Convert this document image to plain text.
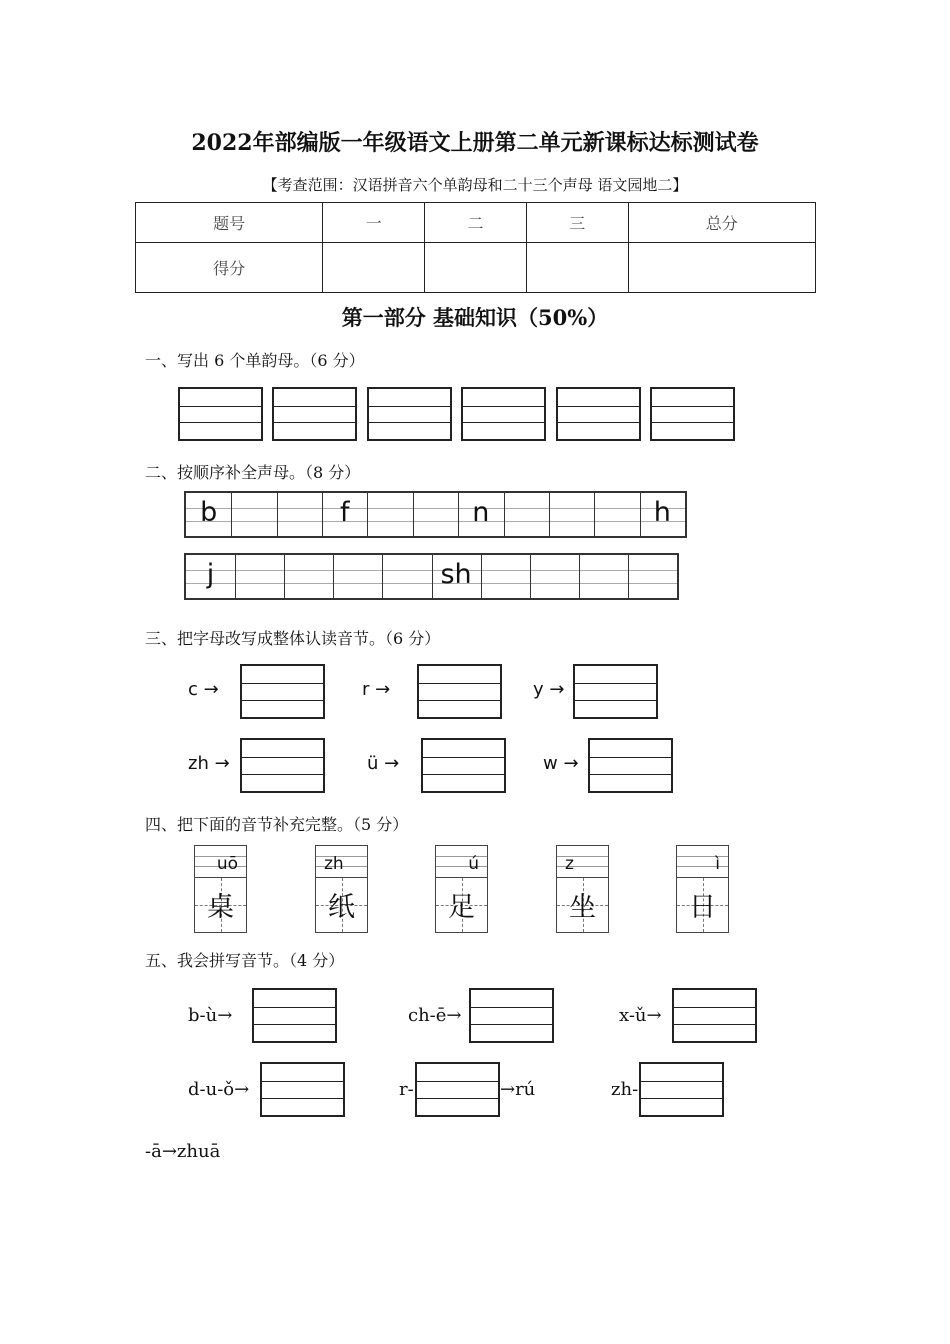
2022年部编版一年级语文上册第二单元新课标达标测试卷
【考查范围：汉语拼音六个单韵母和二十三个声母 语文园地二】
题号	一	二	三	总分
得分				
第一部分 基础知识（50%）
一、写出 6 个单韵母。（6 分）
二、按顺序补全声母。（8 分）
b	f	n	h
j	sh
三、把字母改写成整体认读音节。（6 分）
c →	r →	y →
zh →	ü →	w →
四、把下面的音节补充完整。（5 分）
uō
桌
zh
纸
ú
足
z
坐
ì
日
五、我会拼写音节。（4 分）
b-ù→	ch-ē→	x-ǔ→
d-u-ǒ→	r-	→rú	zh-
-ā→zhuā
